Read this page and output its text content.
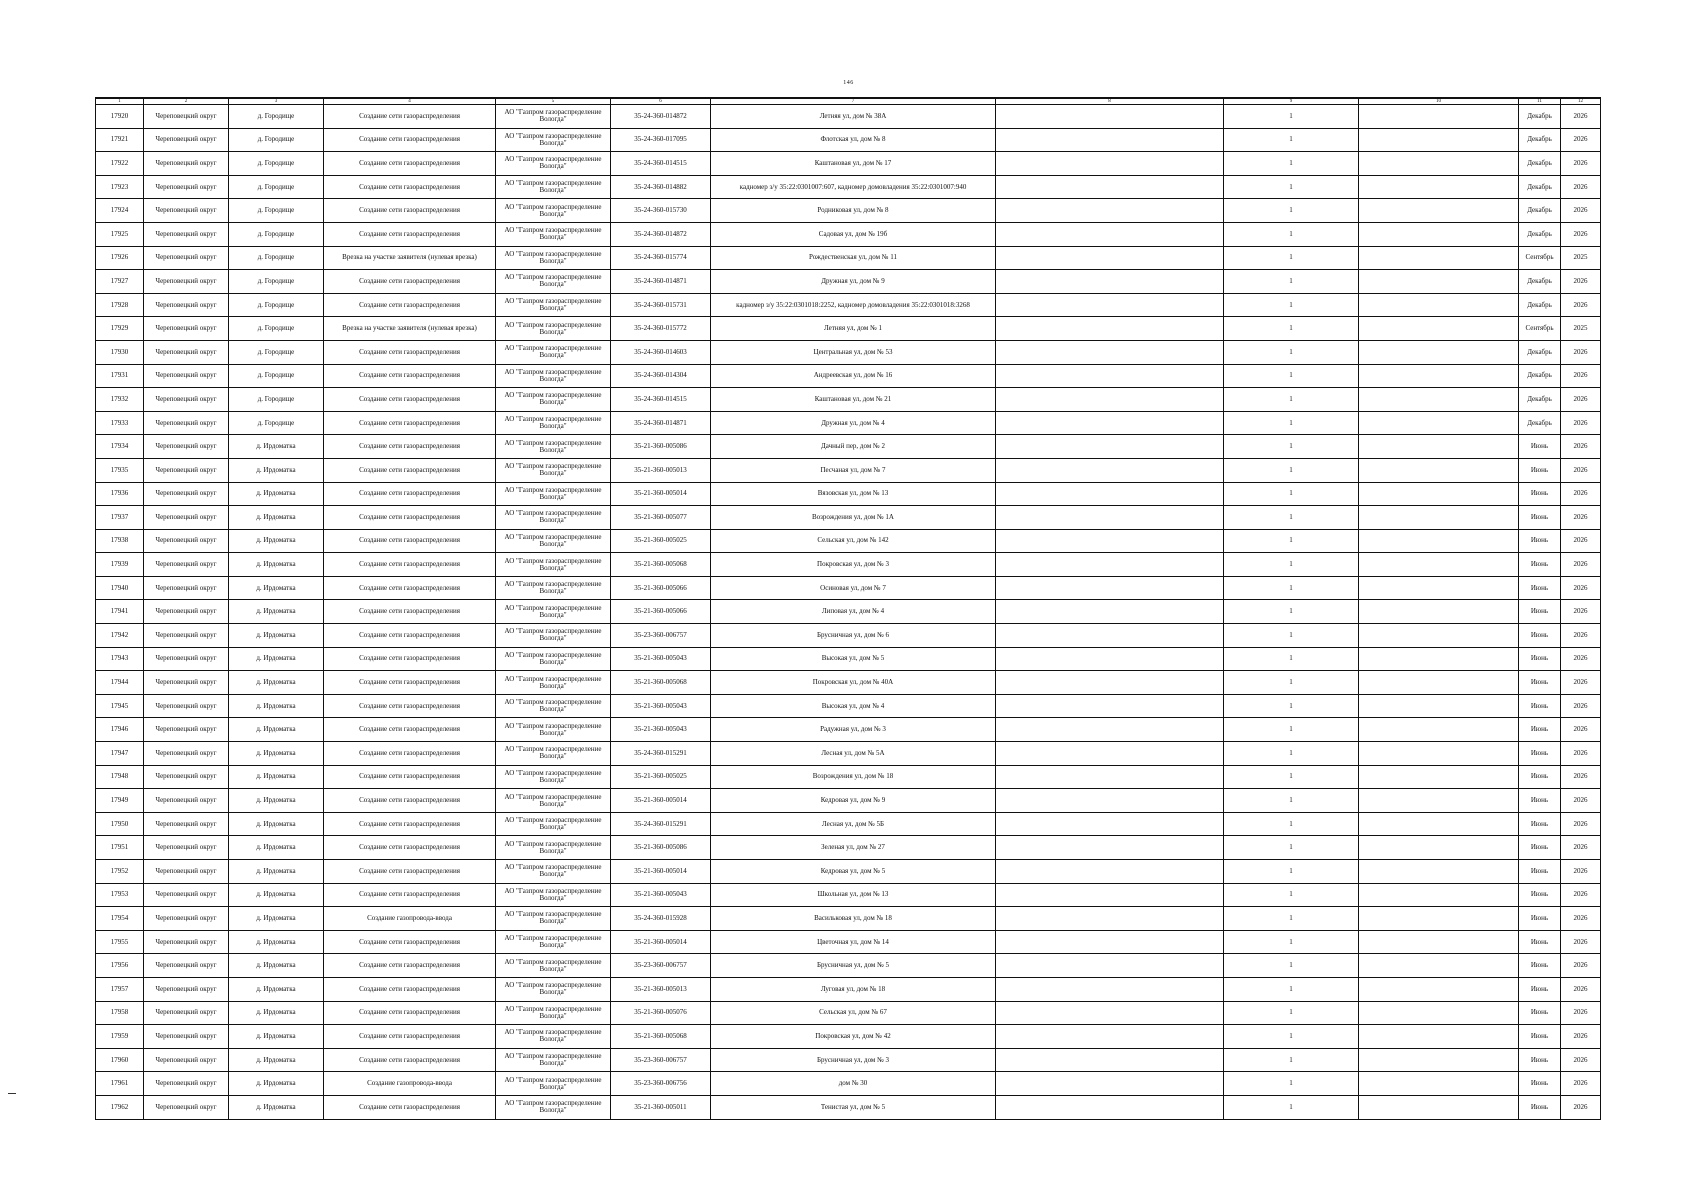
146
1	2	3	4	5	6	7	8	9	10	11	12
17920	Череповецкий округ	д. Городище	Создание сети газораспределения	АО "Газпром газораспределение Вологда"	35-24-360-014872	Летняя ул, дом № 38А		1		Декабрь	2026
17921	Череповецкий округ	д. Городище	Создание сети газораспределения	АО "Газпром газораспределение Вологда"	35-24-360-017095	Флотская ул, дом № 8		1		Декабрь	2026
17922	Череповецкий округ	д. Городище	Создание сети газораспределения	АО "Газпром газораспределение Вологда"	35-24-360-014515	Каштановая ул, дом № 17		1		Декабрь	2026
17923	Череповецкий округ	д. Городище	Создание сети газораспределения	АО "Газпром газораспределение Вологда"	35-24-360-014882	кадномер з/у 35:22:0301007:607, кадномер домовладения 35:22:0301007:940		1		Декабрь	2026
17924	Череповецкий округ	д. Городище	Создание сети газораспределения	АО "Газпром газораспределение Вологда"	35-24-360-015730	Родниковая ул, дом № 8		1		Декабрь	2026
17925	Череповецкий округ	д. Городище	Создание сети газораспределения	АО "Газпром газораспределение Вологда"	35-24-360-014872	Садовая ул, дом № 19б		1		Декабрь	2026
17926	Череповецкий округ	д. Городище	Врезка на участке заявителя (нулевая врезка)	АО "Газпром газораспределение Вологда"	35-24-360-015774	Рождественская ул, дом № 11		1		Сентябрь	2025
17927	Череповецкий округ	д. Городище	Создание сети газораспределения	АО "Газпром газораспределение Вологда"	35-24-360-014871	Дружная ул, дом № 9		1		Декабрь	2026
17928	Череповецкий округ	д. Городище	Создание сети газораспределения	АО "Газпром газораспределение Вологда"	35-24-360-015731	кадномер з/у 35:22:0301018:2252, кадномер домовладения 35:22:0301018:3268		1		Декабрь	2026
17929	Череповецкий округ	д. Городище	Врезка на участке заявителя (нулевая врезка)	АО "Газпром газораспределение Вологда"	35-24-360-015772	Летняя ул, дом № 1		1		Сентябрь	2025
17930	Череповецкий округ	д. Городище	Создание сети газораспределения	АО "Газпром газораспределение Вологда"	35-24-360-014603	Центральная ул, дом № 53		1		Декабрь	2026
17931	Череповецкий округ	д. Городище	Создание сети газораспределения	АО "Газпром газораспределение Вологда"	35-24-360-014304	Андреевская ул, дом № 16		1		Декабрь	2026
17932	Череповецкий округ	д. Городище	Создание сети газораспределения	АО "Газпром газораспределение Вологда"	35-24-360-014515	Каштановая ул, дом № 21		1		Декабрь	2026
17933	Череповецкий округ	д. Городище	Создание сети газораспределения	АО "Газпром газораспределение Вологда"	35-24-360-014871	Дружная ул, дом № 4		1		Декабрь	2026
17934	Череповецкий округ	д. Ирдоматка	Создание сети газораспределения	АО "Газпром газораспределение Вологда"	35-21-360-005086	Дачный пер, дом № 2		1		Июнь	2026
17935	Череповецкий округ	д. Ирдоматка	Создание сети газораспределения	АО "Газпром газораспределение Вологда"	35-21-360-005013	Песчаная ул, дом № 7		1		Июнь	2026
17936	Череповецкий округ	д. Ирдоматка	Создание сети газораспределения	АО "Газпром газораспределение Вологда"	35-21-360-005014	Вязовская ул, дом № 13		1		Июнь	2026
17937	Череповецкий округ	д. Ирдоматка	Создание сети газораспределения	АО "Газпром газораспределение Вологда"	35-21-360-005077	Возрождения ул, дом № 1А		1		Июнь	2026
17938	Череповецкий округ	д. Ирдоматка	Создание сети газораспределения	АО "Газпром газораспределение Вологда"	35-21-360-005025	Сельская ул, дом № 142		1		Июнь	2026
17939	Череповецкий округ	д. Ирдоматка	Создание сети газораспределения	АО "Газпром газораспределение Вологда"	35-21-360-005068	Покровская ул, дом № 3		1		Июнь	2026
17940	Череповецкий округ	д. Ирдоматка	Создание сети газораспределения	АО "Газпром газораспределение Вологда"	35-21-360-005066	Осиновая ул, дом № 7		1		Июнь	2026
17941	Череповецкий округ	д. Ирдоматка	Создание сети газораспределения	АО "Газпром газораспределение Вологда"	35-21-360-005066	Липовая ул, дом № 4		1		Июнь	2026
17942	Череповецкий округ	д. Ирдоматка	Создание сети газораспределения	АО "Газпром газораспределение Вологда"	35-23-360-006757	Брусничная ул, дом № 6		1		Июнь	2026
17943	Череповецкий округ	д. Ирдоматка	Создание сети газораспределения	АО "Газпром газораспределение Вологда"	35-21-360-005043	Высокая ул, дом № 5		1		Июнь	2026
17944	Череповецкий округ	д. Ирдоматка	Создание сети газораспределения	АО "Газпром газораспределение Вологда"	35-21-360-005068	Покровская ул, дом № 40А		1		Июнь	2026
17945	Череповецкий округ	д. Ирдоматка	Создание сети газораспределения	АО "Газпром газораспределение Вологда"	35-21-360-005043	Высокая ул, дом № 4		1		Июнь	2026
17946	Череповецкий округ	д. Ирдоматка	Создание сети газораспределения	АО "Газпром газораспределение Вологда"	35-21-360-005043	Радужная ул, дом № 3		1		Июнь	2026
17947	Череповецкий округ	д. Ирдоматка	Создание сети газораспределения	АО "Газпром газораспределение Вологда"	35-24-360-015291	Лесная ул, дом № 5А		1		Июнь	2026
17948	Череповецкий округ	д. Ирдоматка	Создание сети газораспределения	АО "Газпром газораспределение Вологда"	35-21-360-005025	Возрождения ул, дом № 18		1		Июнь	2026
17949	Череповецкий округ	д. Ирдоматка	Создание сети газораспределения	АО "Газпром газораспределение Вологда"	35-21-360-005014	Кедровая ул, дом № 9		1		Июнь	2026
17950	Череповецкий округ	д. Ирдоматка	Создание сети газораспределения	АО "Газпром газораспределение Вологда"	35-24-360-015291	Лесная ул, дом № 5Б		1		Июнь	2026
17951	Череповецкий округ	д. Ирдоматка	Создание сети газораспределения	АО "Газпром газораспределение Вологда"	35-21-360-005086	Зеленая ул, дом № 27		1		Июнь	2026
17952	Череповецкий округ	д. Ирдоматка	Создание сети газораспределения	АО "Газпром газораспределение Вологда"	35-21-360-005014	Кедровая ул, дом № 5		1		Июнь	2026
17953	Череповецкий округ	д. Ирдоматка	Создание сети газораспределения	АО "Газпром газораспределение Вологда"	35-21-360-005043	Школьная ул, дом № 13		1		Июнь	2026
17954	Череповецкий округ	д. Ирдоматка	Создание газопровода-ввода	АО "Газпром газораспределение Вологда"	35-24-360-015928	Васильковая ул, дом № 18		1		Июнь	2026
17955	Череповецкий округ	д. Ирдоматка	Создание сети газораспределения	АО "Газпром газораспределение Вологда"	35-21-360-005014	Цветочная ул, дом № 14		1		Июнь	2026
17956	Череповецкий округ	д. Ирдоматка	Создание сети газораспределения	АО "Газпром газораспределение Вологда"	35-23-360-006757	Брусничная ул, дом № 5		1		Июнь	2026
17957	Череповецкий округ	д. Ирдоматка	Создание сети газораспределения	АО "Газпром газораспределение Вологда"	35-21-360-005013	Луговая ул, дом № 18		1		Июнь	2026
17958	Череповецкий округ	д. Ирдоматка	Создание сети газораспределения	АО "Газпром газораспределение Вологда"	35-21-360-005076	Сельская ул, дом № 67		1		Июнь	2026
17959	Череповецкий округ	д. Ирдоматка	Создание сети газораспределения	АО "Газпром газораспределение Вологда"	35-21-360-005068	Покровская ул, дом № 42		1		Июнь	2026
17960	Череповецкий округ	д. Ирдоматка	Создание сети газораспределения	АО "Газпром газораспределение Вологда"	35-23-360-006757	Брусничная ул, дом № 3		1		Июнь	2026
17961	Череповецкий округ	д. Ирдоматка	Создание газопровода-ввода	АО "Газпром газораспределение Вологда"	35-23-360-006756	дом № 30		1		Июнь	2026
17962	Череповецкий округ	д. Ирдоматка	Создание сети газораспределения	АО "Газпром газораспределение Вологда"	35-21-360-005011	Тенистая ул, дом № 5		1		Июнь	2026
